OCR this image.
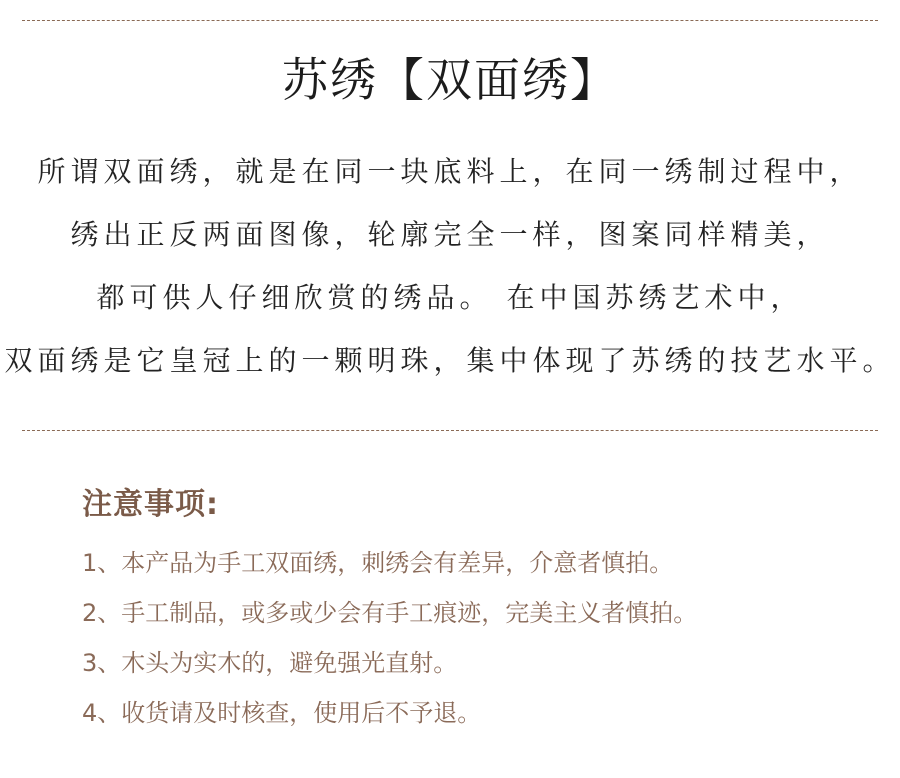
苏绣【双面绣】
所谓双面绣，就是在同一块底料上，在同一绣制过程中，
绣出正反两面图像，轮廓完全一样，图案同样精美，
都可供人仔细欣赏的绣品。 在中国苏绣艺术中，
双面绣是它皇冠上的一颗明珠，集中体现了苏绣的技艺水平。
注意事项:
1、本产品为手工双面绣，刺绣会有差异，介意者慎拍。
2、手工制品，或多或少会有手工痕迹，完美主义者慎拍。
3、木头为实木的，避免强光直射。
4、收货请及时核查，使用后不予退。
